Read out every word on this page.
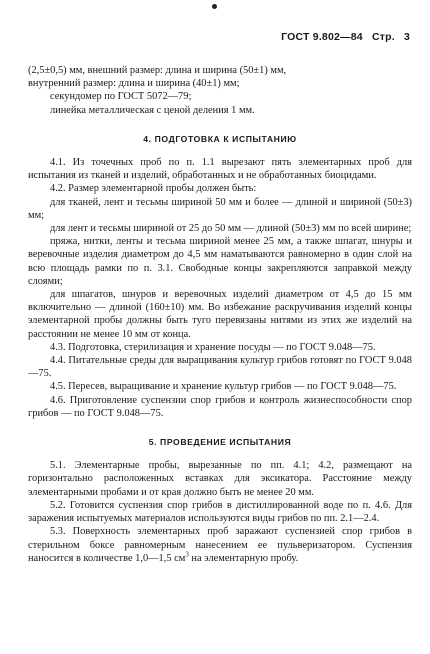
ГОСТ 9.802—84 Стр. 3

(2,5±0,5) мм, внешний размер: длина и ширина (50±1) мм,

внутренний размер: длина и ширина (40±1) мм;

секундомер по ГОСТ 5072—79;

линейка металлическая с ценой деления 1 мм.

4. ПОДГОТОВКА К ИСПЫТАНИЮ

4.1. Из точечных проб по п. 1.1 вырезают пять элементарных проб для испытания из тканей и изделий, обработанных и не обработанных биоцидами.

4.2. Размер элементарной пробы должен быть:

для тканей, лент и тесьмы шириной 50 мм и более — длиной и шириной (50±3) мм;

для лент и тесьмы шириной от 25 до 50 мм — длиной (50±3) мм по всей ширине;

пряжа, нитки, ленты и тесьма шириной менее 25 мм, а также шпагат, шнуры и веревочные изделия диаметром до 4,5 мм наматываются равномерно в один слой на всю площадь рамки по п. 3.1. Свободные концы закрепляются заправкой между слоями;

для шпагатов, шнуров и веревочных изделий диаметром от 4,5 до 15 мм включительно — длиной (160±10) мм. Во избежание раскручивания изделий концы элементарной пробы должны быть туго перевязаны нитями из этих же изделий на расстоянии не менее 10 мм от конца.

4.3. Подготовка, стерилизация и хранение посуды — по ГОСТ 9.048—75.

4.4. Питательные среды для выращивания культур грибов готовят по ГОСТ 9.048—75.

4.5. Пересев, выращивание и хранение культур грибов — по ГОСТ 9.048—75.

4.6. Приготовление суспензии спор грибов и контроль жизнеспособности спор грибов — по ГОСТ 9.048—75.

5. ПРОВЕДЕНИЕ ИСПЫТАНИЯ

5.1. Элементарные пробы, вырезанные по пп. 4.1; 4.2, размещают на горизонтально расположенных вставках для эксикатора. Расстояние между элементарными пробами и от края должно быть не менее 20 мм.

5.2. Готовится суспензия спор грибов в дистиллированной воде по п. 4.6. Для заражения испытуемых материалов используются виды грибов по пп. 2.1—2.4.

5.3. Поверхность элементарных проб заражают суспензией спор грибов в стерильном боксе равномерным нанесением ее пульверизатором. Суспензия наносится в количестве 1,0—1,5 $см^3$ на элементарную пробу.
